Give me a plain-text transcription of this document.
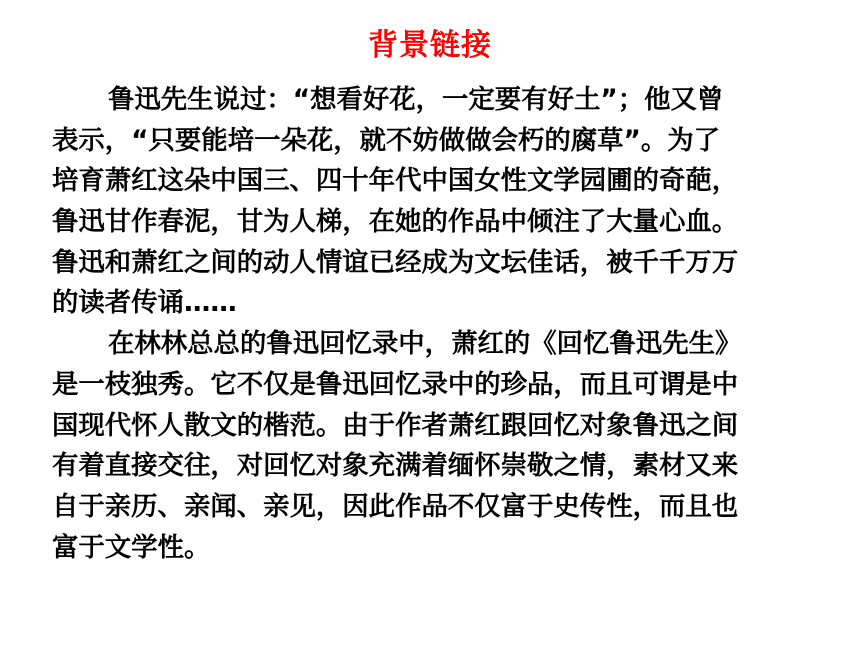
背景链接
鲁迅先生说过：“想看好花，一定要有好土”；他又曾
表示，“只要能培一朵花，就不妨做做会朽的腐草”。为了
培育萧红这朵中国三、四十年代中国女性文学园圃的奇葩，
鲁迅甘作春泥，甘为人梯，在她的作品中倾注了大量心血。
鲁迅和萧红之间的动人情谊已经成为文坛佳话，被千千万万
的读者传诵……
在林林总总的鲁迅回忆录中，萧红的《回忆鲁迅先生》
是一枝独秀。它不仅是鲁迅回忆录中的珍品，而且可谓是中
国现代怀人散文的楷范。由于作者萧红跟回忆对象鲁迅之间
有着直接交往，对回忆对象充满着缅怀崇敬之情，素材又来
自于亲历、亲闻、亲见，因此作品不仅富于史传性，而且也
富于文学性。
